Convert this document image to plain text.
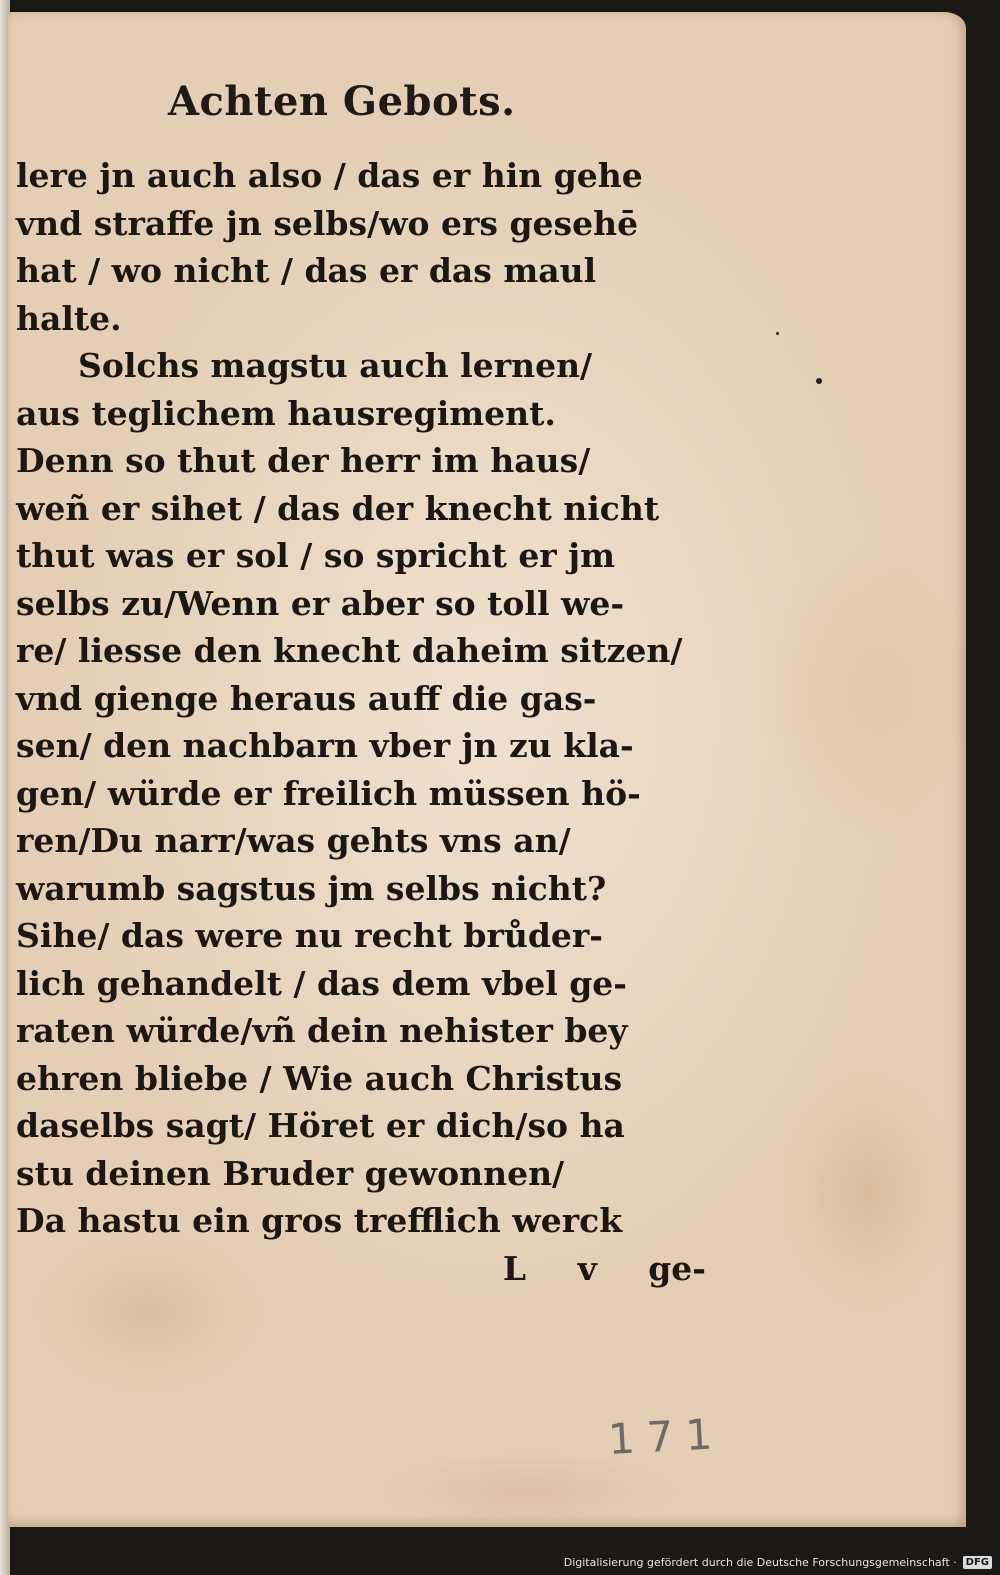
Achten Gebots.
lere jn auch also / das er hin gehe
vnd straffe jn selbs/wo ers gesehē
hat / wo nicht / das er das maul
halte.
Solchs magstu auch lernen/
aus teglichem hausregiment.
Denn so thut der herr im haus/
weñ er sihet / das der knecht nicht
thut was er sol / so spricht er jm
selbs zu/Wenn er aber so toll we-
re/ liesse den knecht daheim sitzen/
vnd gienge heraus auff die gas-
sen/ den nachbarn vber jn zu kla-
gen/ würde er freilich müssen hö-
ren/Du narr/was gehts vns an/
warumb sagstus jm selbs nicht?
Sihe/ das were nu recht brůder-
lich gehandelt / das dem vbel ge-
raten würde/vñ dein nehister bey
ehren bliebe / Wie auch Christus
daselbs sagt/ Höret er dich/so ha
stu deinen Bruder gewonnen/
Da hastu ein gros trefflich werck
L v ge-
171
Digitalisierung gefördert durch die Deutsche Forschungsgemeinschaft · DFG
